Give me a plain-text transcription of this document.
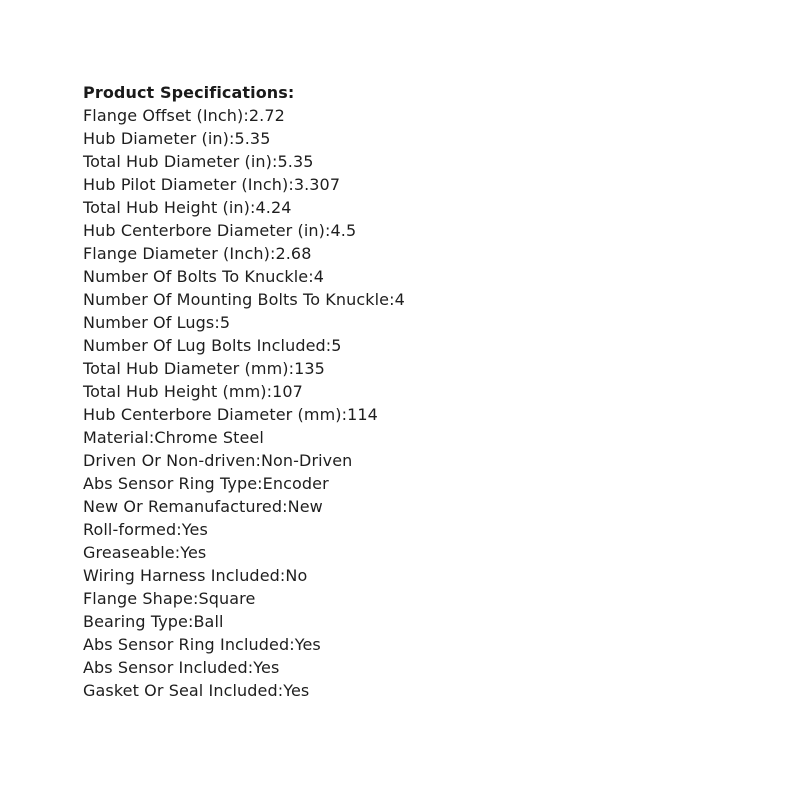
Product Specifications:
Flange Offset (Inch):2.72
Hub Diameter (in):5.35
Total Hub Diameter (in):5.35
Hub Pilot Diameter (Inch):3.307
Total Hub Height (in):4.24
Hub Centerbore Diameter (in):4.5
Flange Diameter (Inch):2.68
Number Of Bolts To Knuckle:4
Number Of Mounting Bolts To Knuckle:4
Number Of Lugs:5
Number Of Lug Bolts Included:5
Total Hub Diameter (mm):135
Total Hub Height (mm):107
Hub Centerbore Diameter (mm):114
Material:Chrome Steel
Driven Or Non-driven:Non-Driven
Abs Sensor Ring Type:Encoder
New Or Remanufactured:New
Roll-formed:Yes
Greaseable:Yes
Wiring Harness Included:No
Flange Shape:Square
Bearing Type:Ball
Abs Sensor Ring Included:Yes
Abs Sensor Included:Yes
Gasket Or Seal Included:Yes
